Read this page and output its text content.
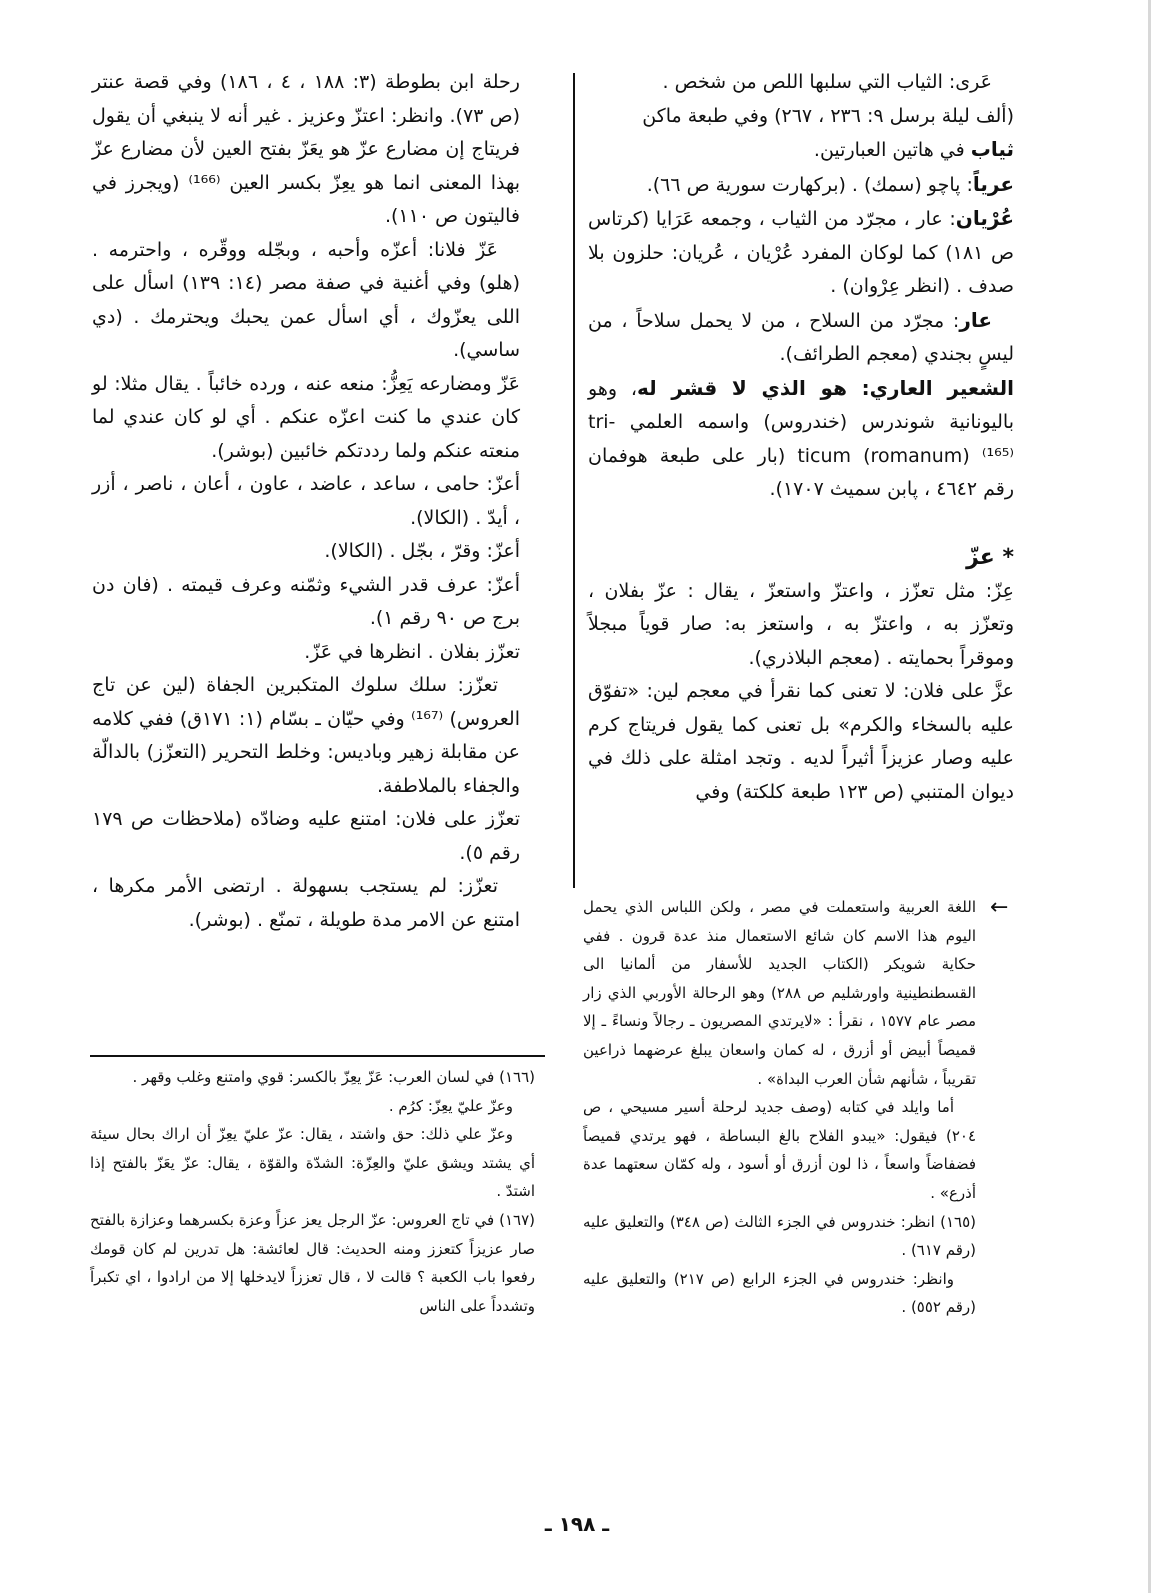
عَرى: الثياب التي سلبها اللص من شخص .

(ألف ليلة برسل ٩: ٢٣٦ ، ٢٦٧) وفي طبعة ماكن

ثياب في هاتين العبارتين.

عرياً: پاچو (سمك) . (بركهارت سورية ص ٦٦).

عُرْيان: عار ، مجرّد من الثياب ، وجمعه عَرَايا (كرتاس ص ١٨١) كما لوكان المفرد عُرْيان ، عُريان: حلزون بلا صدف . (انظر عِرْوان) .

عار: مجرّد من السلاح ، من لا يحمل سلاحاً ، من ليسٍ بجندي (معجم الطرائف).

الشعير العاري: هو الذي لا قشر له، وهو باليونانية شوندرس (خندروس) واسمه العلمي -tri ticum (romanum) ⁽¹⁶⁵⁾ (بار على طبعة هوفمان رقم ٤٦٤٢ ، پابن سميث ١٧٠٧).

* عزّ

عِزّ: مثل تعزّز ، واعتزّ واستعزّ ، يقال : عزّ بفلان ، وتعزّز به ، واعتزّ به ، واستعز به: صار قوياً مبجلاً وموقراً بحمايته . (معجم البلاذري).

عزَّ على فلان: لا تعنى كما نقرأ في معجم لين: «تفوّق عليه بالسخاء والكرم» بل تعنى كما يقول فريتاج كرم عليه وصار عزيزاً أثيراً لديه . وتجد امثلة على ذلك في ديوان المتنبي (ص ١٢٣ طبعة كلكتة) وفي

رحلة ابن بطوطة (٣: ١٨٨ ، ٤ ، ١٨٦) وفي قصة عنتر (ص ٧٣). وانظر: اعتزّ وعزيز . غير أنه لا ينبغي أن يقول فريتاج إن مضارع عزّ هو يعَزّ بفتح العين لأن مضارع عزّ بهذا المعنى انما هو يعِزّ بكسر العين ⁽¹⁶⁶⁾ (ويجرز في فاليتون ص ١١٠).

عَزّ فلانا: أعزّه وأحبه ، وبجّله ووقّره ، واحترمه . (هلو) وفي أغنية في صفة مصر (١٤: ١٣٩) اسأل على اللى يعزّوك ، أي اسأل عمن يحبك ويحترمك . (دي ساسي).

عَزّ ومضارعه يَعِزُّ: منعه عنه ، ورده خائباً . يقال مثلا: لو كان عندي ما كنت اعزّه عنكم . أي لو كان عندي لما منعته عنكم ولما رددتكم خائبين (بوشر).

أعزّ: حامى ، ساعد ، عاضد ، عاون ، أعان ، ناصر ، أزر ، أيدّ . (الكالا).

أعزّ: وقرّ ، بجّل . (الكالا).

أعزّ: عرف قدر الشيء وثمّنه وعرف قيمته . (فان دن برج ص ٩٠ رقم ١).

تعزّز بفلان . انظرها في عَزّ.

تعزّز: سلك سلوك المتكبرين الجفاة (لين عن تاج العروس) ⁽¹⁶⁷⁾ وفي حيّان ـ بسّام (١: ١٧١ق) ففي كلامه عن مقابلة زهير وباديس: وخلط التحرير (التعزّز) بالدالّة والجفاء بالملاطفة.

تعزّز على فلان: امتنع عليه وضادّه (ملاحظات ص ١٧٩ رقم ٥).

تعزّز: لم يستجب بسهولة . ارتضى الأمر مكرها ، امتنع عن الامر مدة طويلة ، تمنّع . (بوشر).	←

اللغة العربية واستعملت في مصر ، ولكن اللباس الذي يحمل اليوم هذا الاسم كان شائع الاستعمال منذ عدة قرون . ففي حكاية شويكر (الكتاب الجديد للأسفار من ألمانيا الى القسطنطينية واورشليم ص ٢٨٨) وهو الرحالة الأوربي الذي زار مصر عام ١٥٧٧ ، نقرأ : «لايرتدي المصريون ـ رجالاً ونساءً ـ إلا قميصاً أبيض أو أزرق ، له كمان واسعان يبلغ عرضهما ذراعين تقريباً ، شأنهم شأن العرب البداة» .

أما وايلد في كتابه (وصف جديد لرحلة أسير مسيحي ، ص ٢٠٤) فيقول: «يبدو الفلاح بالغ البساطة ، فهو يرتدي قميصاً فضفاضاً واسعاً ، ذا لون أزرق أو أسود ، وله كمّان سعتهما عدة أذرع» .

(١٦٥) انظر: خندروس في الجزء الثالث (ص ٣٤٨) والتعليق عليه (رقم ٦١٧) .

وانظر: خندروس في الجزء الرابع (ص ٢١٧) والتعليق عليه (رقم ٥٥٢) .

(١٦٦) في لسان العرب: عَزّ يعِزّ بالكسر: قوي وامتنع وغلب وقهر .

وعزّ عليّ يعِزّ: كرُم .

وعزّ علي ذلك: حق واشتد ، يقال: عزّ عليّ يعِزّ أن اراك بحال سيئة أي يشتد ويشق عليّ والعِزّة: الشدّة والقوّة ، يقال: عزّ يعَزّ بالفتح إذا اشتدّ .

(١٦٧) في تاج العروس: عزّ الرجل يعز عزاً وعزة بكسرهما وعزازة بالفتح صار عزيزاً كتعزز ومنه الحديث: قال لعائشة: هل تدرين لم كان قومك رفعوا باب الكعبة ؟ قالت لا ، قال تعززاً لايدخلها إلا من ارادوا ، اي تكبراً وتشدداً على الناس

ـ ١٩٨ ـ
